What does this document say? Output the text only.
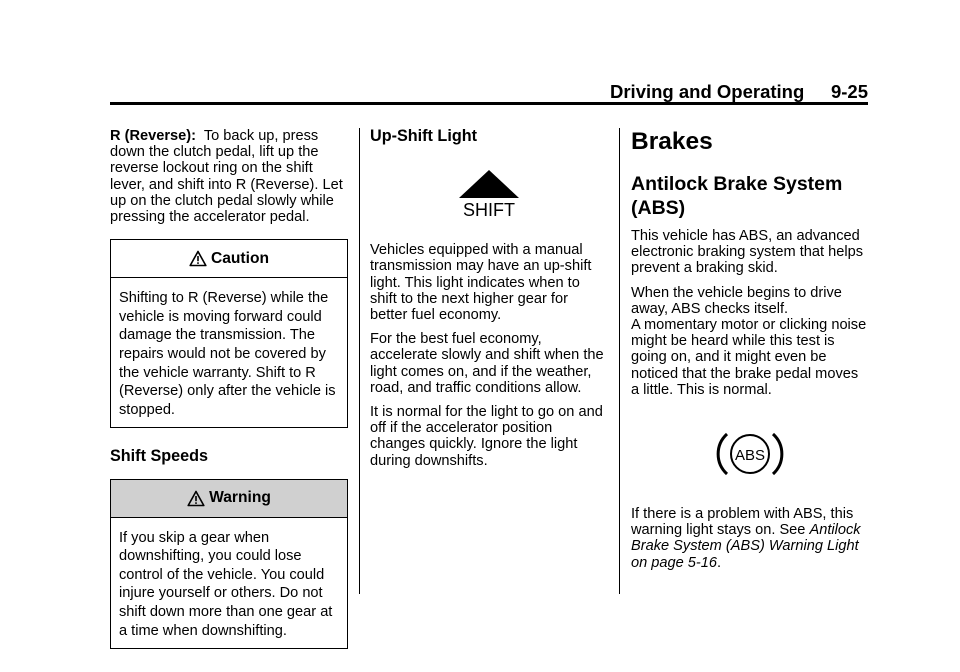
Driving and Operating 9-25

R (Reverse): To back up, press down the clutch pedal, lift up the reverse lockout ring on the shift lever, and shift into R (Reverse). Let up on the clutch pedal slowly while pressing the accelerator pedal.

Caution
Shifting to R (Reverse) while the vehicle is moving forward could damage the transmission. The repairs would not be covered by the vehicle warranty. Shift to R (Reverse) only after the vehicle is stopped.
Shift Speeds
Warning
If you skip a gear when downshifting, you could lose control of the vehicle. You could injure yourself or others. Do not shift down more than one gear at a time when downshifting.
Up-Shift Light
SHIFT

Vehicles equipped with a manual transmission may have an up-shift light. This light indicates when to shift to the next higher gear for better fuel economy.

For the best fuel economy, accelerate slowly and shift when the light comes on, and if the weather, road, and traffic conditions allow.

It is normal for the light to go on and off if the accelerator position changes quickly. Ignore the light during downshifts.

Brakes
Antilock Brake System (ABS)

This vehicle has ABS, an advanced electronic braking system that helps prevent a braking skid.

When the vehicle begins to drive away, ABS checks itself.

A momentary motor or clicking noise might be heard while this test is going on, and it might even be noticed that the brake pedal moves a little. This is normal.

ABS

If there is a problem with ABS, this warning light stays on. See Antilock Brake System (ABS) Warning Light on page 5-16.
